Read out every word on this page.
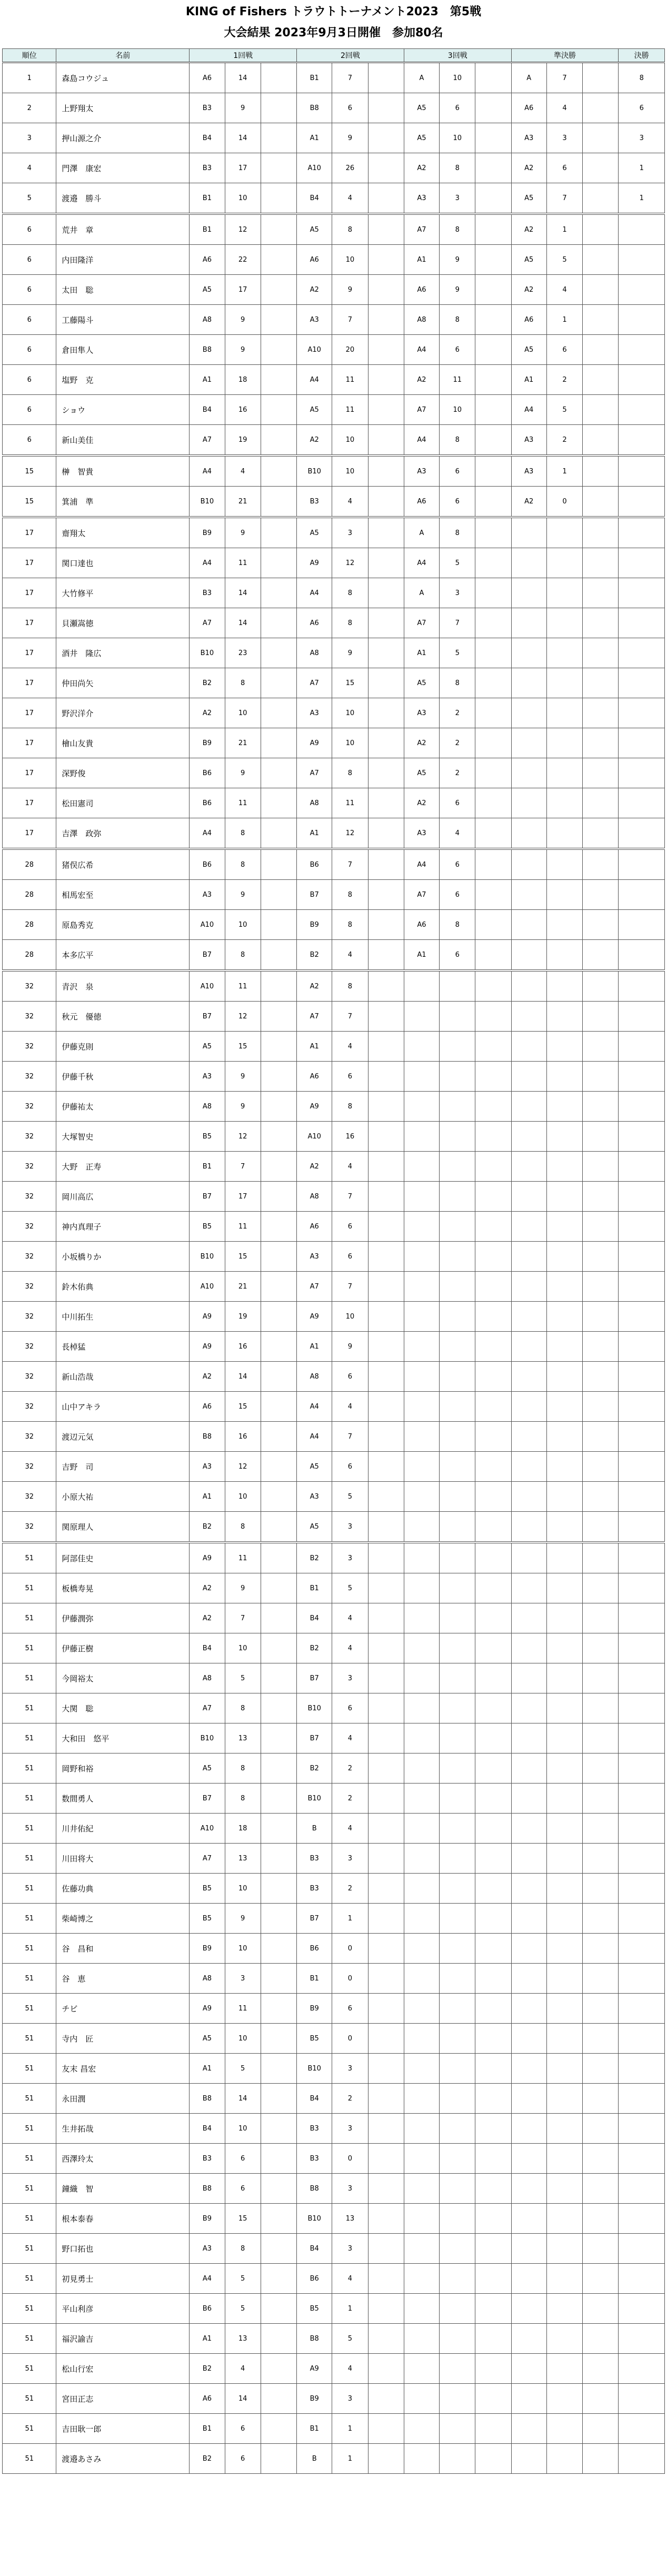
KING of Fishers トラウトトーナメント2023　第5戦
大会結果 2023年9月3日開催　参加80名
順位	名前	1回戦			2回戦			3回戦			準決勝			決勝
1	森島コウジュ	A6	14		B1	7		A	10		A	7		8
2	上野翔太	B3	9		B8	6		A5	6		A6	4		6
3	押山源之介	B4	14		A1	9		A5	10		A3	3		3
4	門澤　康宏	B3	17		A10	26		A2	8		A2	6		1
5	渡邉　勝斗	B1	10		B4	4		A3	3		A5	7		1
6	荒井　章	B1	12		A5	8		A7	8		A2	1		
6	内田隆洋	A6	22		A6	10		A1	9		A5	5		
6	太田　聡	A5	17		A2	9		A6	9		A2	4		
6	工藤陽斗	A8	9		A3	7		A8	8		A6	1		
6	倉田隼人	B8	9		A10	20		A4	6		A5	6		
6	塩野　克	A1	18		A4	11		A2	11		A1	2		
6	ショウ	B4	16		A5	11		A7	10		A4	5		
6	新山美佳	A7	19		A2	10		A4	8		A3	2		
15	榊　智貴	A4	4		B10	10		A3	6		A3	1		
15	箕浦　準	B10	21		B3	4		A6	6		A2	0		
17	齋翔太	B9	9		A5	3		A	8					
17	関口達也	A4	11		A9	12		A4	5					
17	大竹修平	B3	14		A4	8		A	3					
17	貝瀬嵩徳	A7	14		A6	8		A7	7					
17	酒井　隆広	B10	23		A8	9		A1	5					
17	仲田尚矢	B2	8		A7	15		A5	8					
17	野沢洋介	A2	10		A3	10		A3	2					
17	檜山友貴	B9	21		A9	10		A2	2					
17	深野俊	B6	9		A7	8		A5	2					
17	松田憲司	B6	11		A8	11		A2	6					
17	吉澤　政弥	A4	8		A1	12		A3	4					
28	猪俣広希	B6	8		B6	7		A4	6					
28	相馬宏至	A3	9		B7	8		A7	6					
28	原島秀克	A10	10		B9	8		A6	8					
28	本多広平	B7	8		B2	4		A1	6					
32	青沢　泉	A10	11		A2	8								
32	秋元　優徳	B7	12		A7	7								
32	伊藤克則	A5	15		A1	4								
32	伊藤千秋	A3	9		A6	6								
32	伊藤祐太	A8	9		A9	8								
32	大塚智史	B5	12		A10	16								
32	大野　正寿	B1	7		A2	4								
32	岡川高広	B7	17		A8	7								
32	神内真理子	B5	11		A6	6								
32	小坂橋りか	B10	15		A3	6								
32	鈴木佑典	A10	21		A7	7								
32	中川拓生	A9	19		A9	10								
32	長棹猛	A9	16		A1	9								
32	新山浩哉	A2	14		A8	6								
32	山中アキラ	A6	15		A4	4								
32	渡辺元気	B8	16		A4	7								
32	吉野　司	A3	12		A5	6								
32	小原大祐	A1	10		A3	5								
32	関原理人	B2	8		A5	3								
51	阿部佳史	A9	11		B2	3								
51	板橋寿晃	A2	9		B1	5								
51	伊藤潤弥	A2	7		B4	4								
51	伊藤正樹	B4	10		B2	4								
51	今岡裕太	A8	5		B7	3								
51	大関　聡	A7	8		B10	6								
51	大和田　悠平	B10	13		B7	4								
51	岡野和裕	A5	8		B2	2								
51	数間勇人	B7	8		B10	2								
51	川井佑紀	A10	18		B	4								
51	川田将大	A7	13		B3	3								
51	佐藤功典	B5	10		B3	2								
51	柴崎博之	B5	9		B7	1								
51	谷　昌和	B9	10		B6	0								
51	谷　恵	A8	3		B1	0								
51	チビ	A9	11		B9	6								
51	寺内　匠	A5	10		B5	0								
51	友末 昌宏	A1	5		B10	3								
51	永田潤	B8	14		B4	2								
51	生井拓哉	B4	10		B3	3								
51	西澤玲太	B3	6		B3	0								
51	鐘織　智	B8	6		B8	3								
51	根本泰春	B9	15		B10	13								
51	野口拓也	A3	8		B4	3								
51	初見勇士	A4	5		B6	4								
51	平山利彦	B6	5		B5	1								
51	福沢諭吉	A1	13		B8	5								
51	松山行宏	B2	4		A9	4								
51	宮田正志	A6	14		B9	3								
51	吉田耿一郎	B1	6		B1	1								
51	渡邉あさみ	B2	6		B	1								
